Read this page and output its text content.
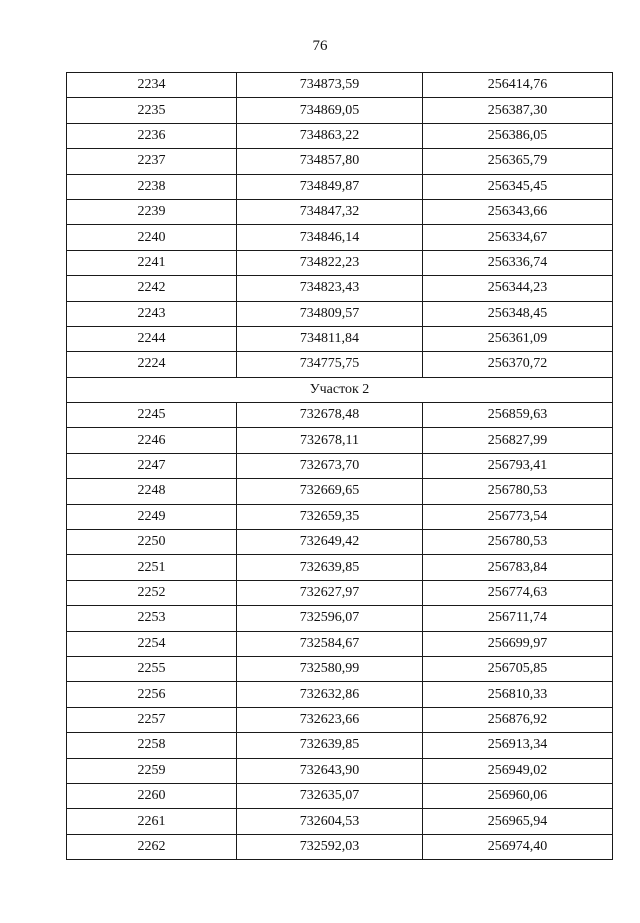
76
2234	734873,59	256414,76
2235	734869,05	256387,30
2236	734863,22	256386,05
2237	734857,80	256365,79
2238	734849,87	256345,45
2239	734847,32	256343,66
2240	734846,14	256334,67
2241	734822,23	256336,74
2242	734823,43	256344,23
2243	734809,57	256348,45
2244	734811,84	256361,09
2224	734775,75	256370,72
Участок 2		
2245	732678,48	256859,63
2246	732678,11	256827,99
2247	732673,70	256793,41
2248	732669,65	256780,53
2249	732659,35	256773,54
2250	732649,42	256780,53
2251	732639,85	256783,84
2252	732627,97	256774,63
2253	732596,07	256711,74
2254	732584,67	256699,97
2255	732580,99	256705,85
2256	732632,86	256810,33
2257	732623,66	256876,92
2258	732639,85	256913,34
2259	732643,90	256949,02
2260	732635,07	256960,06
2261	732604,53	256965,94
2262	732592,03	256974,40
